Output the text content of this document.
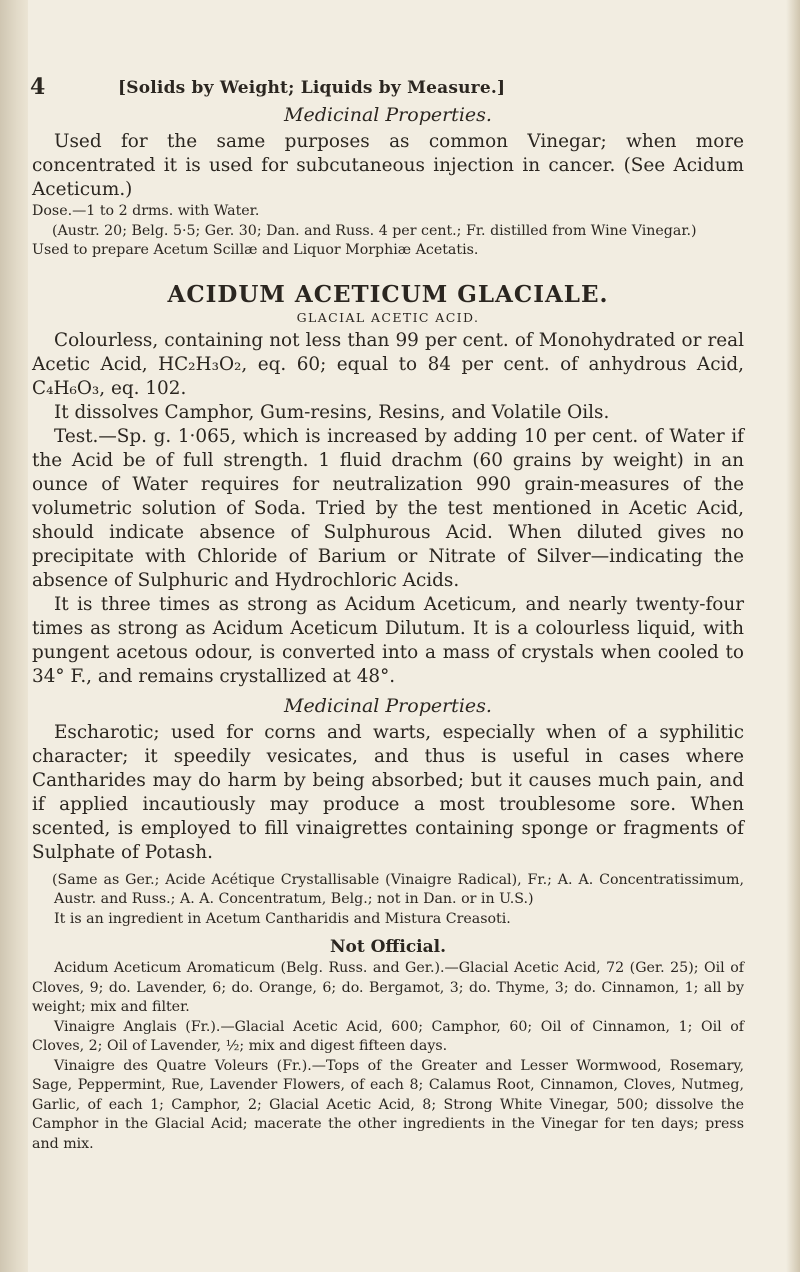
4	[Solids by Weight; Liquids by Measure.]
Medicinal Properties.

Used for the same purposes as common Vinegar; when more concentrated it is used for subcutaneous injection in cancer. (See Acidum Aceticum.)

Dose.—1 to 2 drms. with Water.

(Austr. 20; Belg. 5·5; Ger. 30; Dan. and Russ. 4 per cent.; Fr. distilled from Wine Vinegar.)

Used to prepare Acetum Scillæ and Liquor Morphiæ Acetatis.

ACIDUM ACETICUM GLACIALE.
GLACIAL ACETIC ACID.

Colourless, containing not less than 99 per cent. of Monohydrated or real Acetic Acid, HC₂H₃O₂, eq. 60; equal to 84 per cent. of anhydrous Acid, C₄H₆O₃, eq. 102.

It dissolves Camphor, Gum-resins, Resins, and Volatile Oils.

Test.—Sp. g. 1·065, which is increased by adding 10 per cent. of Water if the Acid be of full strength. 1 fluid drachm (60 grains by weight) in an ounce of Water requires for neutralization 990 grain-measures of the volumetric solution of Soda. Tried by the test mentioned in Acetic Acid, should indicate absence of Sulphurous Acid. When diluted gives no precipitate with Chloride of Barium or Nitrate of Silver—indicating the absence of Sulphuric and Hydrochloric Acids.

It is three times as strong as Acidum Aceticum, and nearly twenty-four times as strong as Acidum Aceticum Dilutum. It is a colourless liquid, with pungent acetous odour, is converted into a mass of crystals when cooled to 34° F., and remains crystallized at 48°.

Medicinal Properties.

Escharotic; used for corns and warts, especially when of a syphilitic character; it speedily vesicates, and thus is useful in cases where Cantharides may do harm by being absorbed; but it causes much pain, and if applied incautiously may produce a most troublesome sore. When scented, is employed to fill vinaigrettes containing sponge or fragments of Sulphate of Potash.

(Same as Ger.; Acide Acétique Crystallisable (Vinaigre Radical), Fr.; A. A. Concentratissimum, Austr. and Russ.; A. A. Concentratum, Belg.; not in Dan. or in U.S.)

It is an ingredient in Acetum Cantharidis and Mistura Creasoti.

Not Official.

Acidum Aceticum Aromaticum (Belg. Russ. and Ger.).—Glacial Acetic Acid, 72 (Ger. 25); Oil of Cloves, 9; do. Lavender, 6; do. Orange, 6; do. Bergamot, 3; do. Thyme, 3; do. Cinnamon, 1; all by weight; mix and filter.

Vinaigre Anglais (Fr.).—Glacial Acetic Acid, 600; Camphor, 60; Oil of Cinnamon, 1; Oil of Cloves, 2; Oil of Lavender, ½; mix and digest fifteen days.

Vinaigre des Quatre Voleurs (Fr.).—Tops of the Greater and Lesser Wormwood, Rosemary, Sage, Peppermint, Rue, Lavender Flowers, of each 8; Calamus Root, Cinnamon, Cloves, Nutmeg, Garlic, of each 1; Camphor, 2; Glacial Acetic Acid, 8; Strong White Vinegar, 500; dissolve the Camphor in the Glacial Acid; macerate the other ingredients in the Vinegar for ten days; press and mix.
